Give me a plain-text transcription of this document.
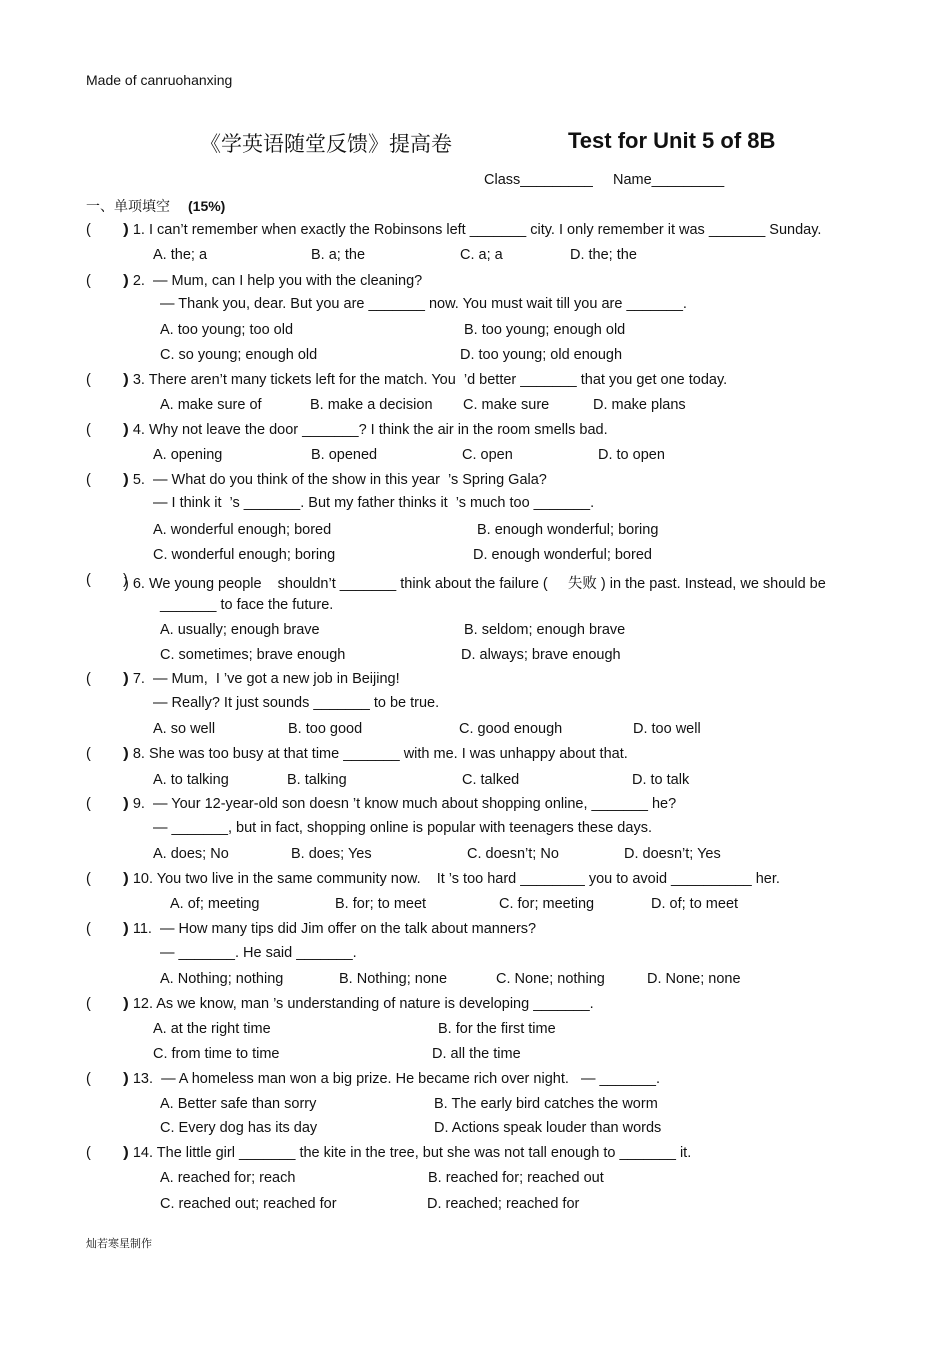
Made of canruohanxing
《学英语随堂反馈》提高卷	Test for Unit 5 of 8B
Class_________     Name_________
一、单项填空 (15%)
(        )
) 1. I can’t remember when exactly the Robinsons left _______ city. I only remember it was _______ Sunday.
A. the; a	B. a; the	C. a; a	D. the; the
(        )
) 2.  — Mum, can I help you with the cleaning?
— Thank you, dear. But you are _______ now. You must wait till you are _______.
A. too young; too old	B. too young; enough old
C. so young; enough old	D. too young; old enough
(        )
) 3. There aren’t many tickets left for the match. You  ’d better _______ that you get one today.
A. make sure of	B. make a decision C. make sure	D. make plans
(        )
) 4. Why not leave the door _______? I think the air in the room smells bad.
A. opening	B. opened	C. open	D. to open
(        )
) 5.  — What do you think of the show in this year  ’s Spring Gala?
— I think it  ’s _______. But my father thinks it  ’s much too _______.
A. wonderful enough; bored	B. enough wonderful; boring
C. wonderful enough; boring	D. enough wonderful; bored
(        )
) 6. We young people    shouldn’t _______ think about the failure (     失败 ) in the past. Instead, we should be
_______ to face the future.
A. usually; enough brave	B. seldom; enough brave
C. sometimes; brave enough	D. always; brave enough
(        )
) 7.  — Mum,  I ’ve got a new job in Beijing!
— Really? It just sounds _______ to be true.
A. so well	B. too good	C. good enough	D. too well
(        )
) 8. She was too busy at that time _______ with me. I was unhappy about that.
A. to talking	B. talking	C. talked	D. to talk
(        )
) 9.  — Your 12-year-old son doesn ’t know much about shopping online, _______ he?
— _______, but in fact, shopping online is popular with teenagers these days.
A. does; No	B. does; Yes	C. doesn’t; No	D. doesn’t; Yes
(        )
) 10. You two live in the same community now.    It ’s too hard ________ you to avoid __________ her.
A. of; meeting	B. for; to meet	C. for; meeting	D. of; to meet
(        )
) 11.  — How many tips did Jim offer on the talk about manners?
— _______. He said _______.
A. Nothing; nothing	B. Nothing; none	C. None; nothing	D. None; none
(        )
) 12. As we know, man ’s understanding of nature is developing _______.
A. at the right time	B. for the first time
C. from time to time	D. all the time
(        )
) 13.  — A homeless man won a big prize. He became rich over night.   — _______.
A. Better safe than sorry	B. The early bird catches the worm
C. Every dog has its day	D. Actions speak louder than words
(        )
) 14. The little girl _______ the kite in the tree, but she was not tall enough to _______ it.
A. reached for; reach	B. reached for; reached out
C. reached out; reached for	D. reached; reached for
灿若寒星制作
